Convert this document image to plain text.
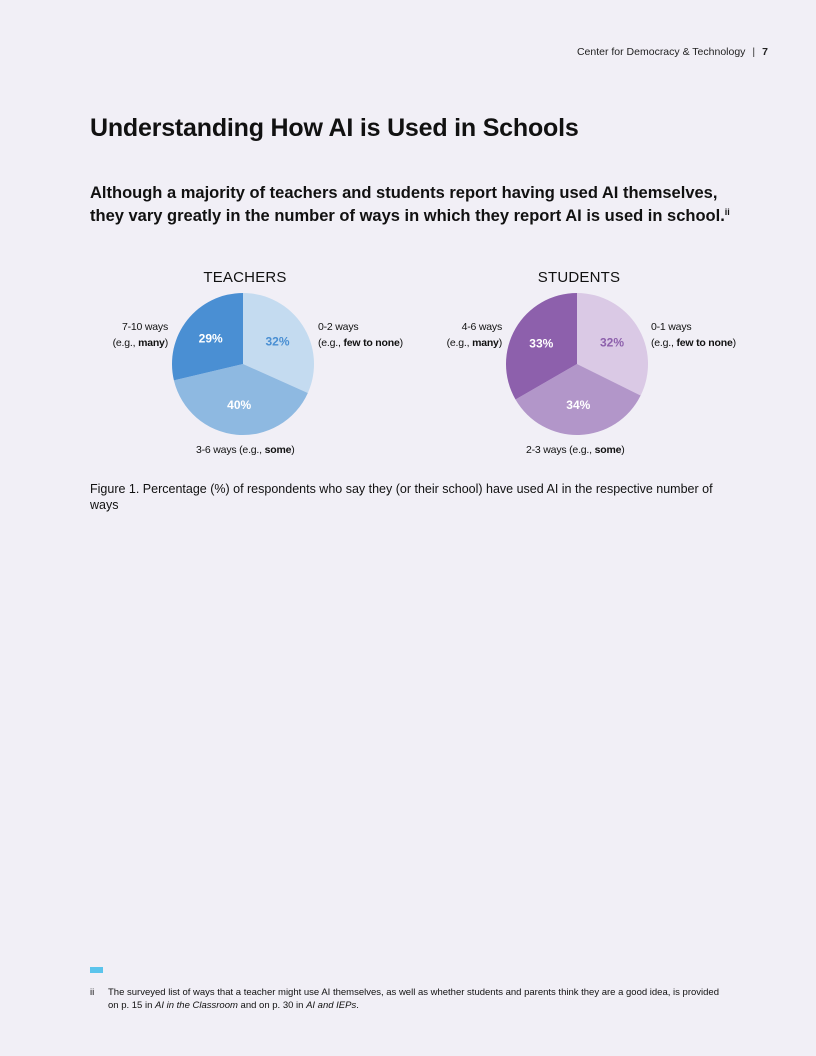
Center for Democracy & Technology | 7
Understanding How AI is Used in Schools

Although a majority of teachers and students report having used AI themselves, they vary greatly in the number of ways in which they report AI is used in school.$^{ii}$

TEACHERS
32%
40%
29%
0-2 ways
(e.g., few to none)
3-6 ways (e.g., some)
7-10 ways
(e.g., many)
STUDENTS
32%
34%
33%
0-1 ways
(e.g., few to none)
2-3 ways (e.g., some)
4-6 ways
(e.g., many)

Figure 1. Percentage (%) of respondents who say they (or their school) have used AI in the respective number of ways

ii	The surveyed list of ways that a teacher might use AI themselves, as well as whether students and parents think they are a good idea, is provided on p. 15 in AI in the Classroom and on p. 30 in AI and IEPs.
